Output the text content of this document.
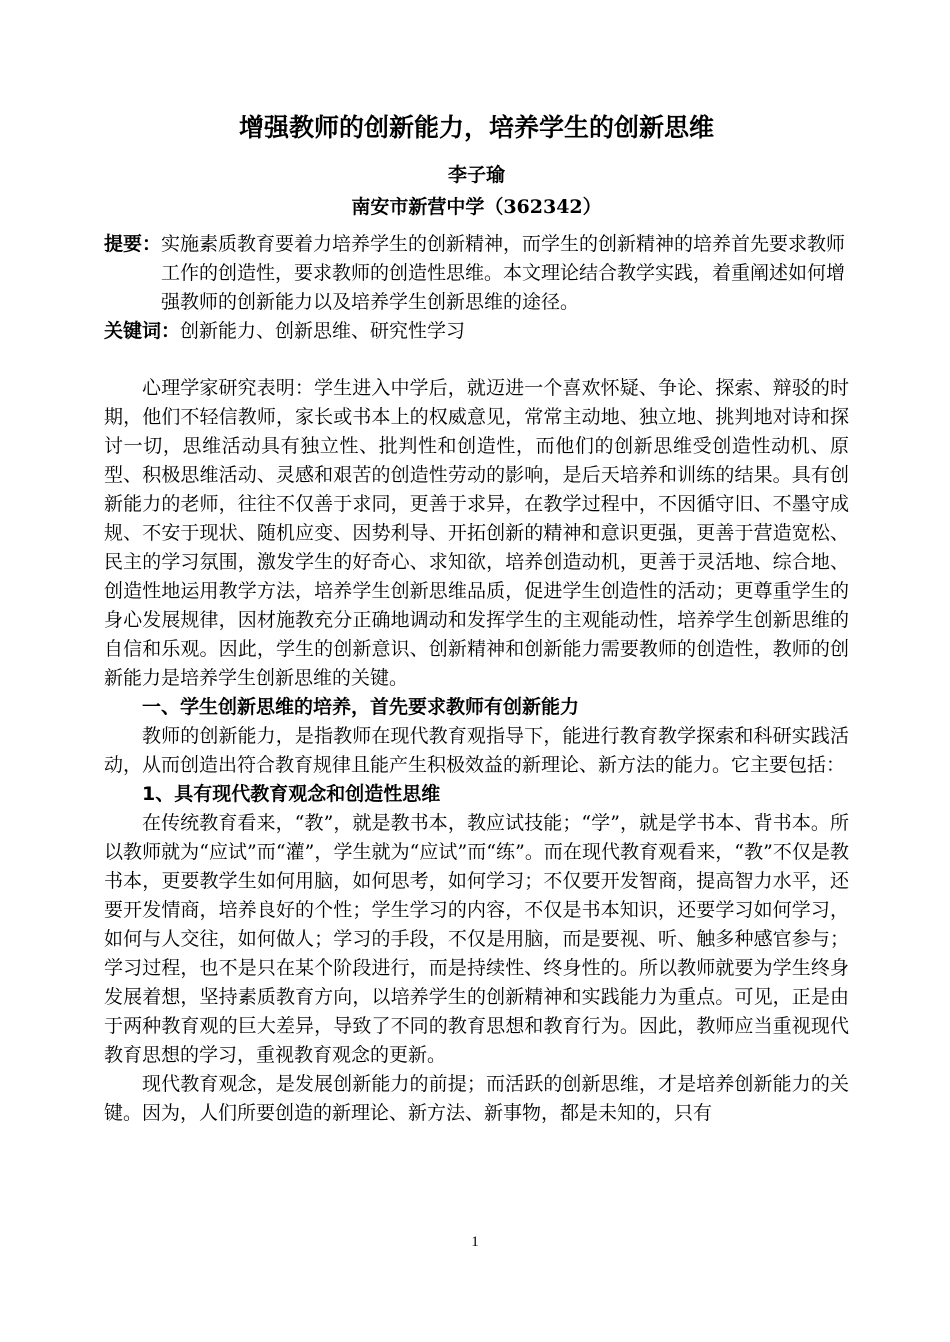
增强教师的创新能力，培养学生的创新思维

李子瑜

南安市新营中学（362342）

提要： 实施素质教育要着力培养学生的创新精神，而学生的创新精神的培养首先要求教师工作的创造性，要求教师的创造性思维。本文理论结合教学实践，着重阐述如何增强教师的创新能力以及培养学生创新思维的途径。
关键词： 创新能力、创新思维、研究性学习

心理学家研究表明：学生进入中学后，就迈进一个喜欢怀疑、争论、探索、辩驳的时期，他们不轻信教师，家长或书本上的权威意见，常常主动地、独立地、挑判地对诗和探讨一切，思维活动具有独立性、批判性和创造性，而他们的创新思维受创造性动机、原型、积极思维活动、灵感和艰苦的创造性劳动的影响，是后天培养和训练的结果。具有创新能力的老师，往往不仅善于求同，更善于求异，在教学过程中，不因循守旧、不墨守成规、不安于现状、随机应变、因势利导、开拓创新的精神和意识更强，更善于营造宽松、民主的学习氛围，激发学生的好奇心、求知欲，培养创造动机，更善于灵活地、综合地、创造性地运用教学方法，培养学生创新思维品质，促进学生创造性的活动；更尊重学生的身心发展规律，因材施教充分正确地调动和发挥学生的主观能动性，培养学生创新思维的自信和乐观。因此，学生的创新意识、创新精神和创新能力需要教师的创造性，教师的创新能力是培养学生创新思维的关键。

一、学生创新思维的培养，首先要求教师有创新能力

教师的创新能力，是指教师在现代教育观指导下，能进行教育教学探索和科研实践活动，从而创造出符合教育规律且能产生积极效益的新理论、新方法的能力。它主要包括：

1、具有现代教育观念和创造性思维

在传统教育看来，“教”，就是教书本，教应试技能；“学”，就是学书本、背书本。所以教师就为“应试”而“灌”，学生就为“应试”而“练”。而在现代教育观看来，“教”不仅是教书本，更要教学生如何用脑，如何思考，如何学习；不仅要开发智商，提高智力水平，还要开发情商，培养良好的个性；学生学习的内容，不仅是书本知识，还要学习如何学习，如何与人交往，如何做人；学习的手段，不仅是用脑，而是要视、听、触多种感官参与；学习过程，也不是只在某个阶段进行，而是持续性、终身性的。所以教师就要为学生终身发展着想，坚持素质教育方向，以培养学生的创新精神和实践能力为重点。可见，正是由于两种教育观的巨大差异，导致了不同的教育思想和教育行为。因此，教师应当重视现代教育思想的学习，重视教育观念的更新。

现代教育观念，是发展创新能力的前提；而活跃的创新思维，才是培养创新能力的关键。因为，人们所要创造的新理论、新方法、新事物，都是未知的，只有

1
